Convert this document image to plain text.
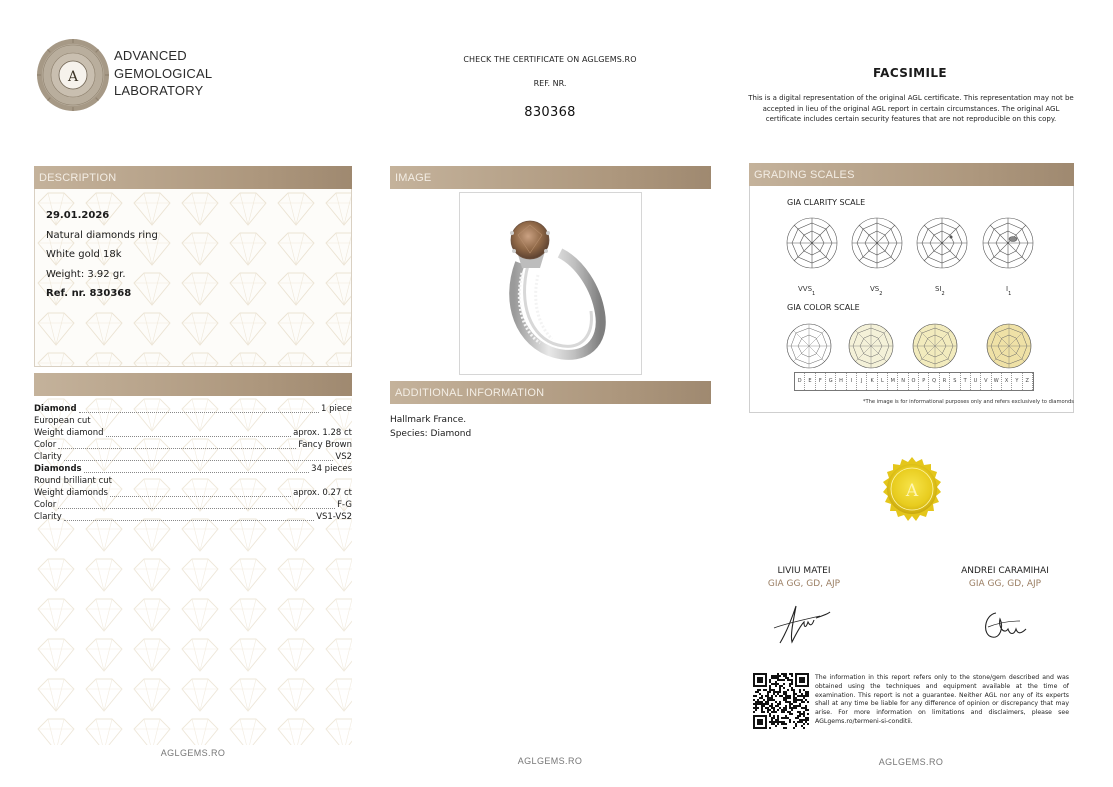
A
ADVANCED
GEMOLOGICAL
LABORATORY
CHECK THE CERTIFICATE ON AGLGEMS.RO
REF. NR.
830368
FACSIMILE
This is a digital representation of the original AGL certificate. This representation may not be accepted in lieu of the original AGL report in certain circumstances. The original AGL certificate includes certain security features that are not reproducible on this copy.
DESCRIPTION
29.01.2026
Natural diamonds ring
White gold 18k
Weight: 3.92 gr.
Ref. nr. 830368
Diamond	1 piece
European cut
Weight diamond	aprox. 1.28 ct
Color	Fancy Brown
Clarity	VS2
Diamonds	34 pieces
Round brilliant cut
Weight diamonds	aprox. 0.27 ct
Color	F-G
Clarity	VS1-VS2
AGLGEMS.RO
IMAGE
ADDITIONAL INFORMATION
Hallmark France.
Species: Diamond
AGLGEMS.RO
GRADING SCALES
GIA CLARITY SCALE
$VVS_1$
$VS_2$
$SI_2$
$I_1$
GIA COLOR SCALE
D	E	F	G	H	I	J	K	L	M	N	O	P	Q	R	S	T	U	V	W	X	Y	Z
*The image is for informational purposes only and refers exclusively to diamonds
A
LIVIU MATEI
GIA GG, GD, AJP
ANDREI CARAMIHAI
GIA GG, GD, AJP
The information in this report refers only to the stone/gem described and was obtained using the techniques and equipment available at the time of examination. This report is not a guarantee. Neither AGL nor any of its experts shall at any time be liable for any difference of opinion or discrepancy that may arise. For more information on limitations and disclaimers, please see AGLgems.ro/termeni-si-conditii.
AGLGEMS.RO
